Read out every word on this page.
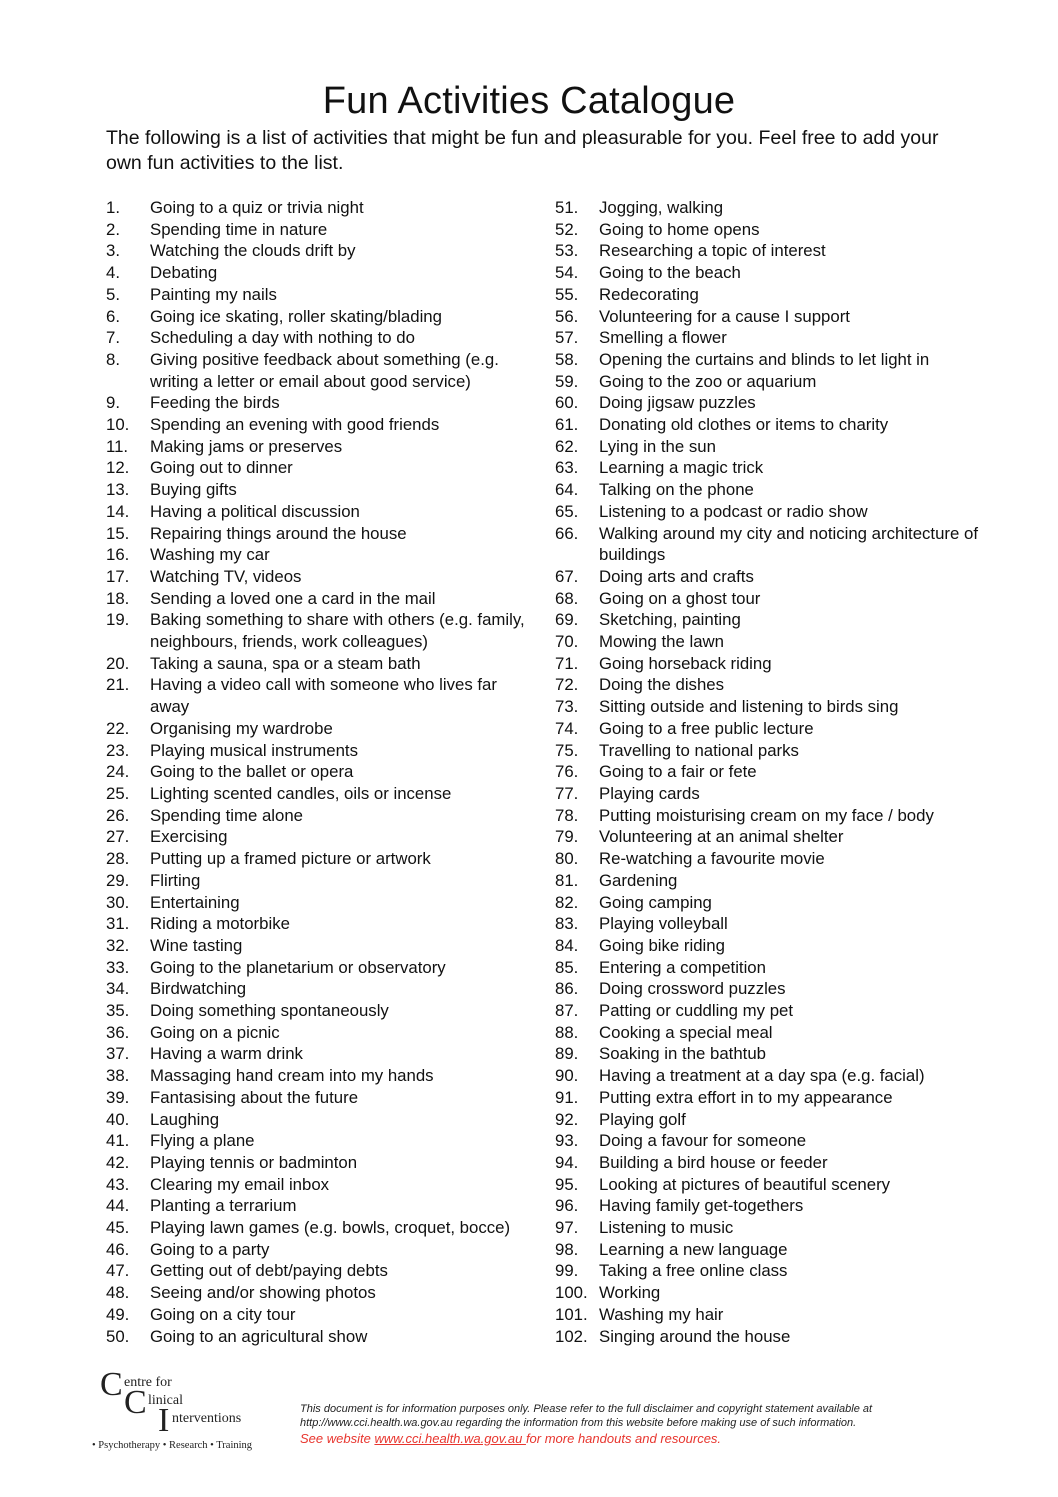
Fun Activities Catalogue

The following is a list of activities that might be fun and pleasurable for you. Feel free to add your own fun activities to the list.

1.	Going to a quiz or trivia night
2.	Spending time in nature
3.	Watching the clouds drift by
4.	Debating
5.	Painting my nails
6.	Going ice skating, roller skating/blading
7.	Scheduling a day with nothing to do
8.	Giving positive feedback about something (e.g. writing a letter or email about good service)
9.	Feeding the birds
10.	Spending an evening with good friends
11.	Making jams or preserves
12.	Going out to dinner
13.	Buying gifts
14.	Having a political discussion
15.	Repairing things around the house
16.	Washing my car
17.	Watching TV, videos
18.	Sending a loved one a card in the mail
19.	Baking something to share with others (e.g. family, neighbours, friends, work colleagues)
20.	Taking a sauna, spa or a steam bath
21.	Having a video call with someone who lives far away
22.	Organising my wardrobe
23.	Playing musical instruments
24.	Going to the ballet or opera
25.	Lighting scented candles, oils or incense
26.	Spending time alone
27.	Exercising
28.	Putting up a framed picture or artwork
29.	Flirting
30.	Entertaining
31.	Riding a motorbike
32.	Wine tasting
33.	Going to the planetarium or observatory
34.	Birdwatching
35.	Doing something spontaneously
36.	Going on a picnic
37.	Having a warm drink
38.	Massaging hand cream into my hands
39.	Fantasising about the future
40.	Laughing
41.	Flying a plane
42.	Playing tennis or badminton
43.	Clearing my email inbox
44.	Planting a terrarium
45.	Playing lawn games (e.g. bowls, croquet, bocce)
46.	Going to a party
47.	Getting out of debt/paying debts
48.	Seeing and/or showing photos
49.	Going on a city tour
50.	Going to an agricultural show
51.	Jogging, walking
52.	Going to home opens
53.	Researching a topic of interest
54.	Going to the beach
55.	Redecorating
56.	Volunteering for a cause I support
57.	Smelling a flower
58.	Opening the curtains and blinds to let light in
59.	Going to the zoo or aquarium
60.	Doing jigsaw puzzles
61.	Donating old clothes or items to charity
62.	Lying in the sun
63.	Learning a magic trick
64.	Talking on the phone
65.	Listening to a podcast or radio show
66.	Walking around my city and noticing architecture of buildings
67.	Doing arts and crafts
68.	Going on a ghost tour
69.	Sketching, painting
70.	Mowing the lawn
71.	Going horseback riding
72.	Doing the dishes
73.	Sitting outside and listening to birds sing
74.	Going to a free public lecture
75.	Travelling to national parks
76.	Going to a fair or fete
77.	Playing cards
78.	Putting moisturising cream on my face / body
79.	Volunteering at an animal shelter
80.	Re-watching a favourite movie
81.	Gardening
82.	Going camping
83.	Playing volleyball
84.	Going bike riding
85.	Entering a competition
86.	Doing crossword puzzles
87.	Patting or cuddling my pet
88.	Cooking a special meal
89.	Soaking in the bathtub
90.	Having a treatment at a day spa (e.g. facial)
91.	Putting extra effort in to my appearance
92.	Playing golf
93.	Doing a favour for someone
94.	Building a bird house or feeder
95.	Looking at pictures of beautiful scenery
96.	Having family get-togethers
97.	Listening to music
98.	Learning a new language
99.	Taking a free online class
100. Working
101. Washing my hair
102. Singing around the house
C entre for
C linical
I nterventions
• Psychotherapy • Research • Training

This document is for information purposes only. Please refer to the full disclaimer and copyright statement available at http://www.cci.health.wa.gov.au regarding the information from this website before making use of such information.

See website www.cci.health.wa.gov.au for more handouts and resources.
